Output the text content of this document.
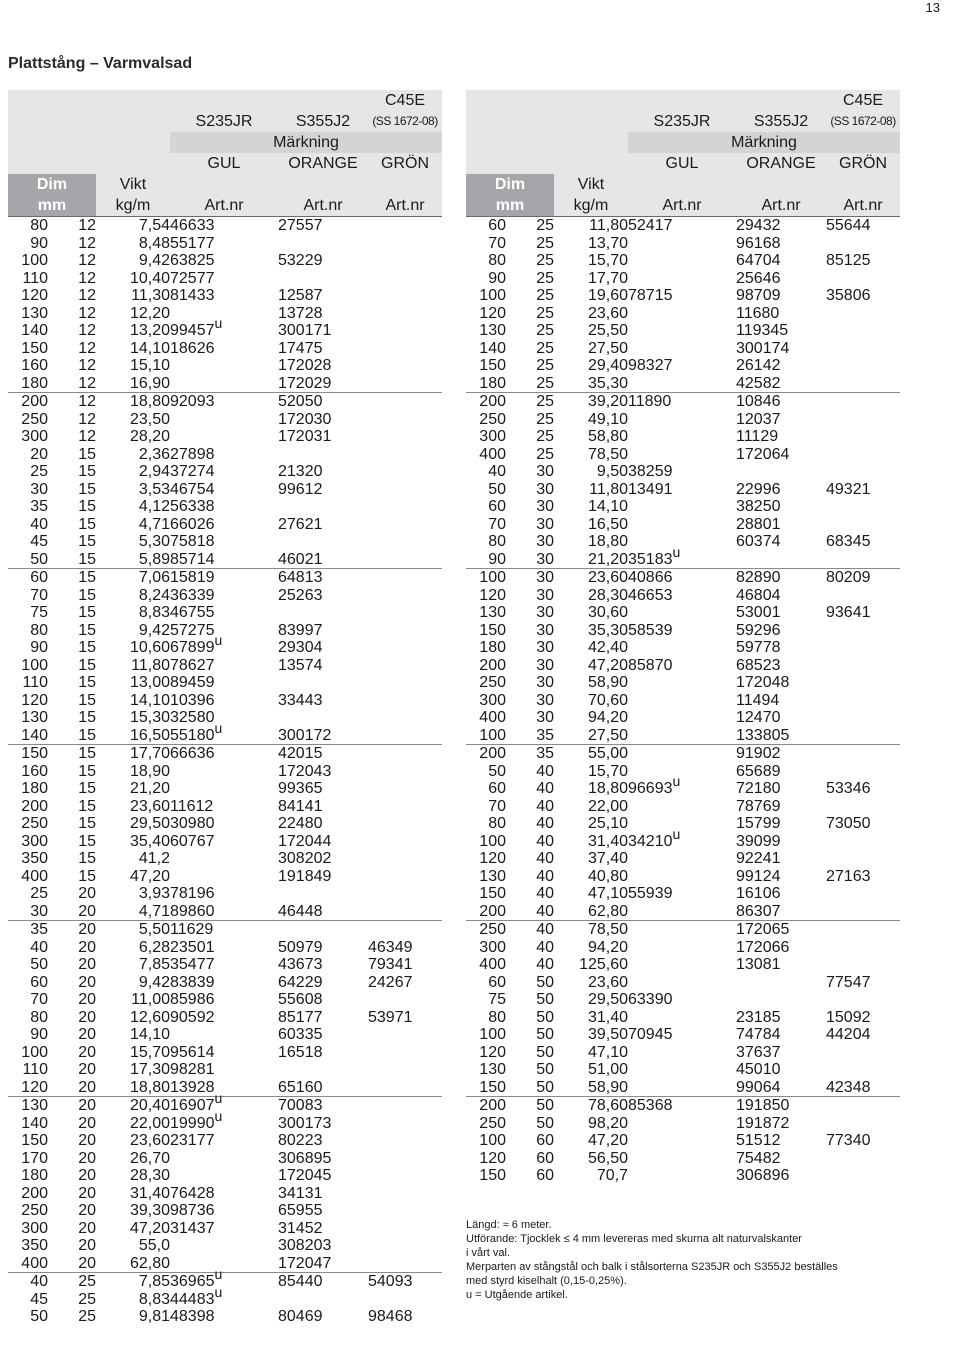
13
Plattstång – Varmvalsad
					C45E
			S235JR	S355J2	(SS 1672-08)
			Märkning		
			GUL	ORANGE	GRÖN
Dim		Vikt			
mm		kg/m	Art.nr	Art.nr	Art.nr
80	12	7,54	46633	27557	
90	12	8,48	55177		
100	12	9,42	63825	53229	
110	12	10,40	72577		
120	12	11,30	81433	12587	
130	12	12,20		13728	
140	12	13,20	99457$^u$	300171	
150	12	14,10	18626	17475	
160	12	15,10		172028	
180	12	16,90		172029	
200	12	18,80	92093	52050	
250	12	23,50		172030	
300	12	28,20		172031	
20	15	2,36	27898		
25	15	2,94	37274	21320	
30	15	3,53	46754	99612	
35	15	4,12	56338		
40	15	4,71	66026	27621	
45	15	5,30	75818		
50	15	5,89	85714	46021	
60	15	7,06	15819	64813	
70	15	8,24	36339	25263	
75	15	8,83	46755		
80	15	9,42	57275	83997	
90	15	10,60	67899$^u$	29304	
100	15	11,80	78627	13574	
110	15	13,00	89459		
120	15	14,10	10396	33443	
130	15	15,30	32580		
140	15	16,50	55180$^u$	300172	
150	15	17,70	66636	42015	
160	15	18,90		172043	
180	15	21,20		99365	
200	15	23,60	11612	84141	
250	15	29,50	30980	22480	
300	15	35,40	60767	172044	
350	15	41,2		308202	
400	15	47,20		191849	
25	20	3,93	78196		
30	20	4,71	89860	46448	
35	20	5,50	11629		
40	20	6,28	23501	50979	46349
50	20	7,85	35477	43673	79341
60	20	9,42	83839	64229	24267
70	20	11,00	85986	55608	
80	20	12,60	90592	85177	53971
90	20	14,10		60335	
100	20	15,70	95614	16518	
110	20	17,30	98281		
120	20	18,80	13928	65160	
130	20	20,40	16907$^u$	70083	
140	20	22,00	19990$^u$	300173	
150	20	23,60	23177	80223	
170	20	26,70		306895	
180	20	28,30		172045	
200	20	31,40	76428	34131	
250	20	39,30	98736	65955	
300	20	47,20	31437	31452	
350	20	55,0		308203	
400	20	62,80		172047	
40	25	7,85	36965$^u$	85440	54093
45	25	8,83	44483$^u$		
50	25	9,81	48398	80469	98468
					C45E
			S235JR	S355J2	(SS 1672-08)
			Märkning		
			GUL	ORANGE	GRÖN
Dim		Vikt			
mm		kg/m	Art.nr	Art.nr	Art.nr
60	25	11,80	52417	29432	55644
70	25	13,70		96168	
80	25	15,70		64704	85125
90	25	17,70		25646	
100	25	19,60	78715	98709	35806
120	25	23,60		11680	
130	25	25,50		119345	
140	25	27,50		300174	
150	25	29,40	98327	26142	
180	25	35,30		42582	
200	25	39,20	11890	10846	
250	25	49,10		12037	
300	25	58,80		11129	
400	25	78,50		172064	
40	30	9,50	38259		
50	30	11,80	13491	22996	49321
60	30	14,10		38250	
70	30	16,50		28801	
80	30	18,80		60374	68345
90	30	21,20	35183$^u$		
100	30	23,60	40866	82890	80209
120	30	28,30	46653	46804	
130	30	30,60		53001	93641
150	30	35,30	58539	59296	
180	30	42,40		59778	
200	30	47,20	85870	68523	
250	30	58,90		172048	
300	30	70,60		11494	
400	30	94,20		12470	
100	35	27,50		133805	
200	35	55,00		91902	
50	40	15,70		65689	
60	40	18,80	96693$^u$	72180	53346
70	40	22,00		78769	
80	40	25,10		15799	73050
100	40	31,40	34210$^u$	39099	
120	40	37,40		92241	
130	40	40,80		99124	27163
150	40	47,10	55939	16106	
200	40	62,80		86307	
250	40	78,50		172065	
300	40	94,20		172066	
400	40	125,60		13081	
60	50	23,60			77547
75	50	29,50	63390		
80	50	31,40		23185	15092
100	50	39,50	70945	74784	44204
120	50	47,10		37637	
130	50	51,00		45010	
150	50	58,90		99064	42348
200	50	78,60	85368	191850	
250	50	98,20		191872	
100	60	47,20		51512	77340
120	60	56,50		75482	
150	60	70,7		306896	
Längd: ≈ 6 meter.
Utförande: Tjocklek ≤ 4 mm levereras med skurna alt naturvalskanter
i vårt val.
Merparten av stångstål och balk i stålsorterna S235JR och S355J2 beställes
med styrd kiselhalt (0,15-0,25%).
u = Utgående artikel.
